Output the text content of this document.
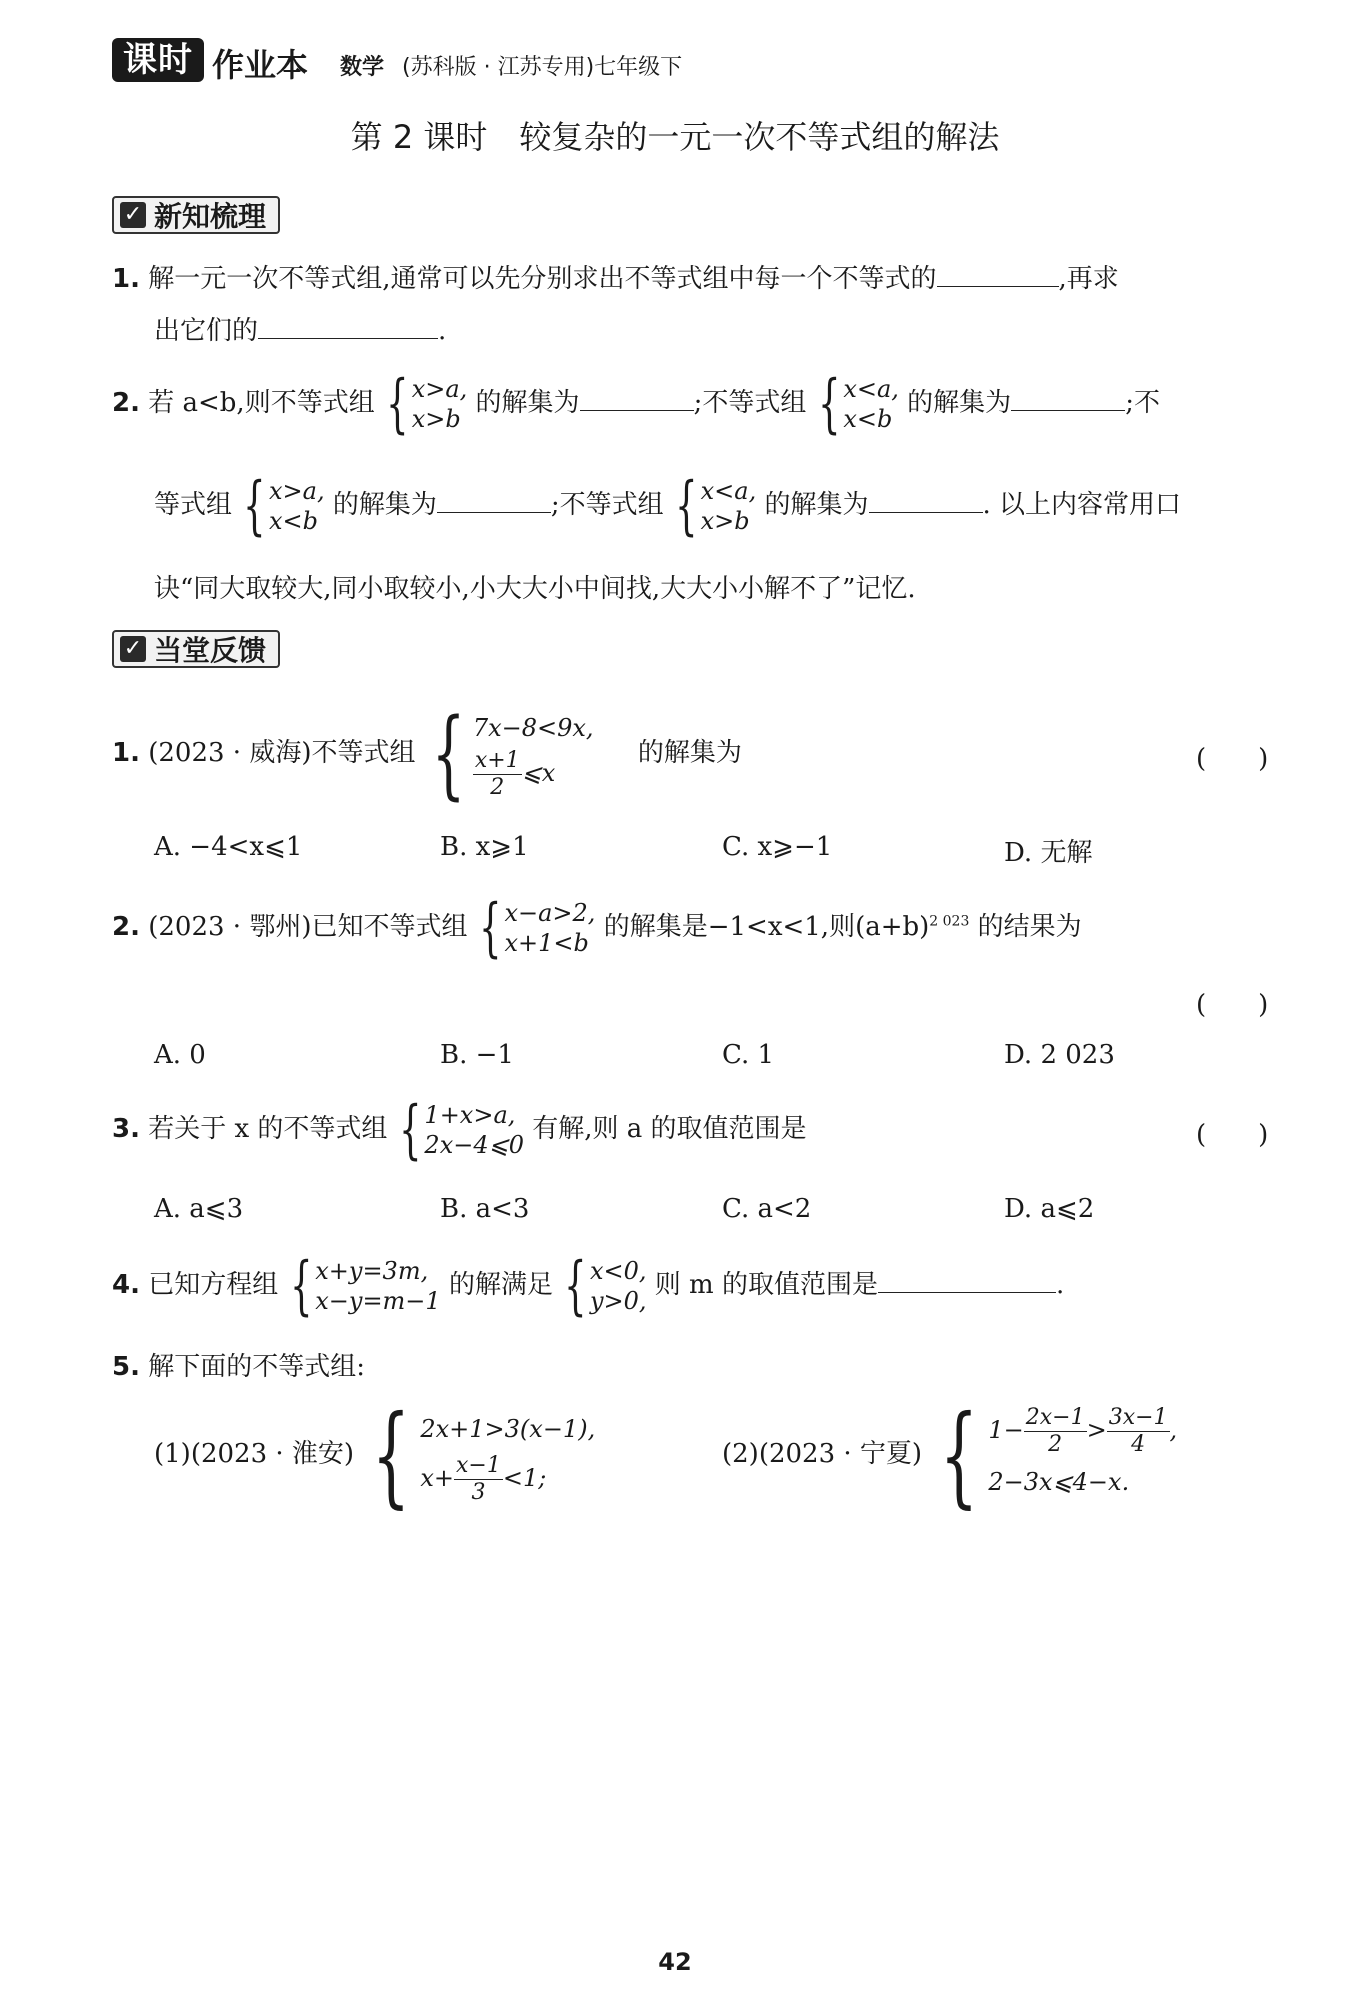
课时 作业本 数学 (苏科版 · 江苏专用)七年级下
第 2 课时　较复杂的一元一次不等式组的解法
✓ 新知梳理
1. 解一元一次不等式组,通常可以先分别求出不等式组中每一个不等式的	,再求
出它们的	.
2. 若 a<b,则不等式组 { x>a,
x>b
的解集为	;不等式组 { x<a,
x<b
的解集为	;不
等式组 { x>a,
x<b
的解集为	;不等式组 { x<a,
x>b
的解集为	. 以上内容常用口
诀“同大取较大,同小取较小,小大大小中间找,大大小小解不了”记忆.
✓ 当堂反馈
1. (2023 · 威海)不等式组 { 7x−8<9x,
$\frac{x+1}{2}$ ⩽x
的解集为	(　　)
A. −4<x⩽1	B. x⩾1	C. x⩾−1	D. 无解
2. (2023 · 鄂州)已知不等式组 { x−a>2,
x+1<b
的解集是−1<x<1,则$(a+b)^{2 023}$ 的结果为
(　　)
A. 0	B. −1	C. 1	D. 2 023
3. 若关于 x 的不等式组 { 1+x>a,
2x−4⩽0
有解,则 a 的取值范围是	(　　)
A. a⩽3	B. a<3	C. a<2	D. a⩽2
4. 已知方程组 { x+y=3m,
x−y=m−1
的解满足 { x<0,
y>0,
则 m 的取值范围是	.
5. 解下面的不等式组:
(1)(2023 · 淮安) { 2x+1>3(x−1),
$x+ \frac{x-1}{3} <1$;
(2)(2023 · 宁夏) { $1- \frac{2x-1}{2} > \frac{3x-1}{4}$ ,
2−3x⩽4−x.
42
